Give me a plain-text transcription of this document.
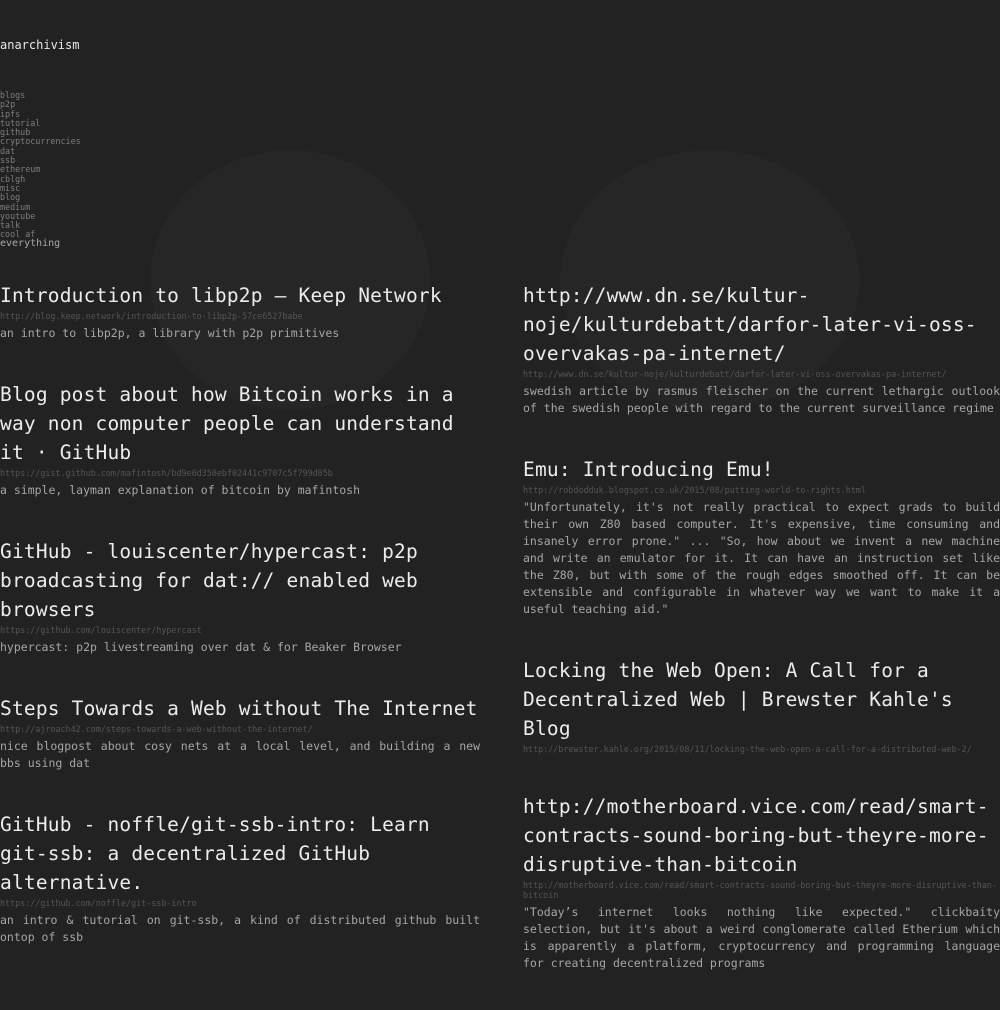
anarchivism
blogs
p2p
ipfs
tutorial
github
cryptocurrencies
dat
ssb
ethereum
cblgh
misc
blog
medium
youtube
talk
cool af
everything
Introduction to libp2p – Keep Network
http://blog.keep.network/introduction-to-libp2p-57ce6527babe
an intro to libp2p, a library with p2p primitives
Blog post about how Bitcoin works in a way non computer people can understand it · GitHub
https://gist.github.com/mafintosh/bd9e6d350ebf02441c9707c5f799d05b
a simple, layman explanation of bitcoin by mafintosh
GitHub - louiscenter/hypercast: p2p broadcasting for dat:// enabled web browsers
https://github.com/louiscenter/hypercast
hypercast: p2p livestreaming over dat & for Beaker Browser
Steps Towards a Web without The Internet
http://ajroach42.com/steps-towards-a-web-without-the-internet/
nice blogpost about cosy nets at a local level, and building a new bbs using dat
GitHub - noffle/git-ssb-intro: Learn git-ssb: a decentralized GitHub alternative.
https://github.com/noffle/git-ssb-intro
an intro & tutorial on git-ssb, a kind of distributed github built ontop of ssb
http://www.dn.se/kultur-noje/kulturdebatt/darfor-later-vi-oss-overvakas-pa-internet/
http://www.dn.se/kultur-noje/kulturdebatt/darfor-later-vi-oss-overvakas-pa-internet/
swedish article by rasmus fleischer on the current lethargic outlook of the swedish people with regard to the current surveillance regime
Emu: Introducing Emu!
http://robdodduk.blogspot.co.uk/2015/08/putting-world-to-rights.html
"Unfortunately, it's not really practical to expect grads to build their own Z80 based computer. It's expensive, time consuming and insanely error prone." ... "So, how about we invent a new machine and write an emulator for it. It can have an instruction set like the Z80, but with some of the rough edges smoothed off. It can be extensible and configurable in whatever way we want to make it a useful teaching aid."
Locking the Web Open: A Call for a Decentralized Web | Brewster Kahle's Blog
http://brewster.kahle.org/2015/08/11/locking-the-web-open-a-call-for-a-distributed-web-2/
http://motherboard.vice.com/read/smart-contracts-sound-boring-but-theyre-more-disruptive-than-bitcoin
http://motherboard.vice.com/read/smart-contracts-sound-boring-but-theyre-more-disruptive-than-bitcoin
"Today’s internet looks nothing like expected." clickbaity selection, but it's about a weird conglomerate called Etherium which is apparently a platform, cryptocurrency and programming language for creating decentralized programs
